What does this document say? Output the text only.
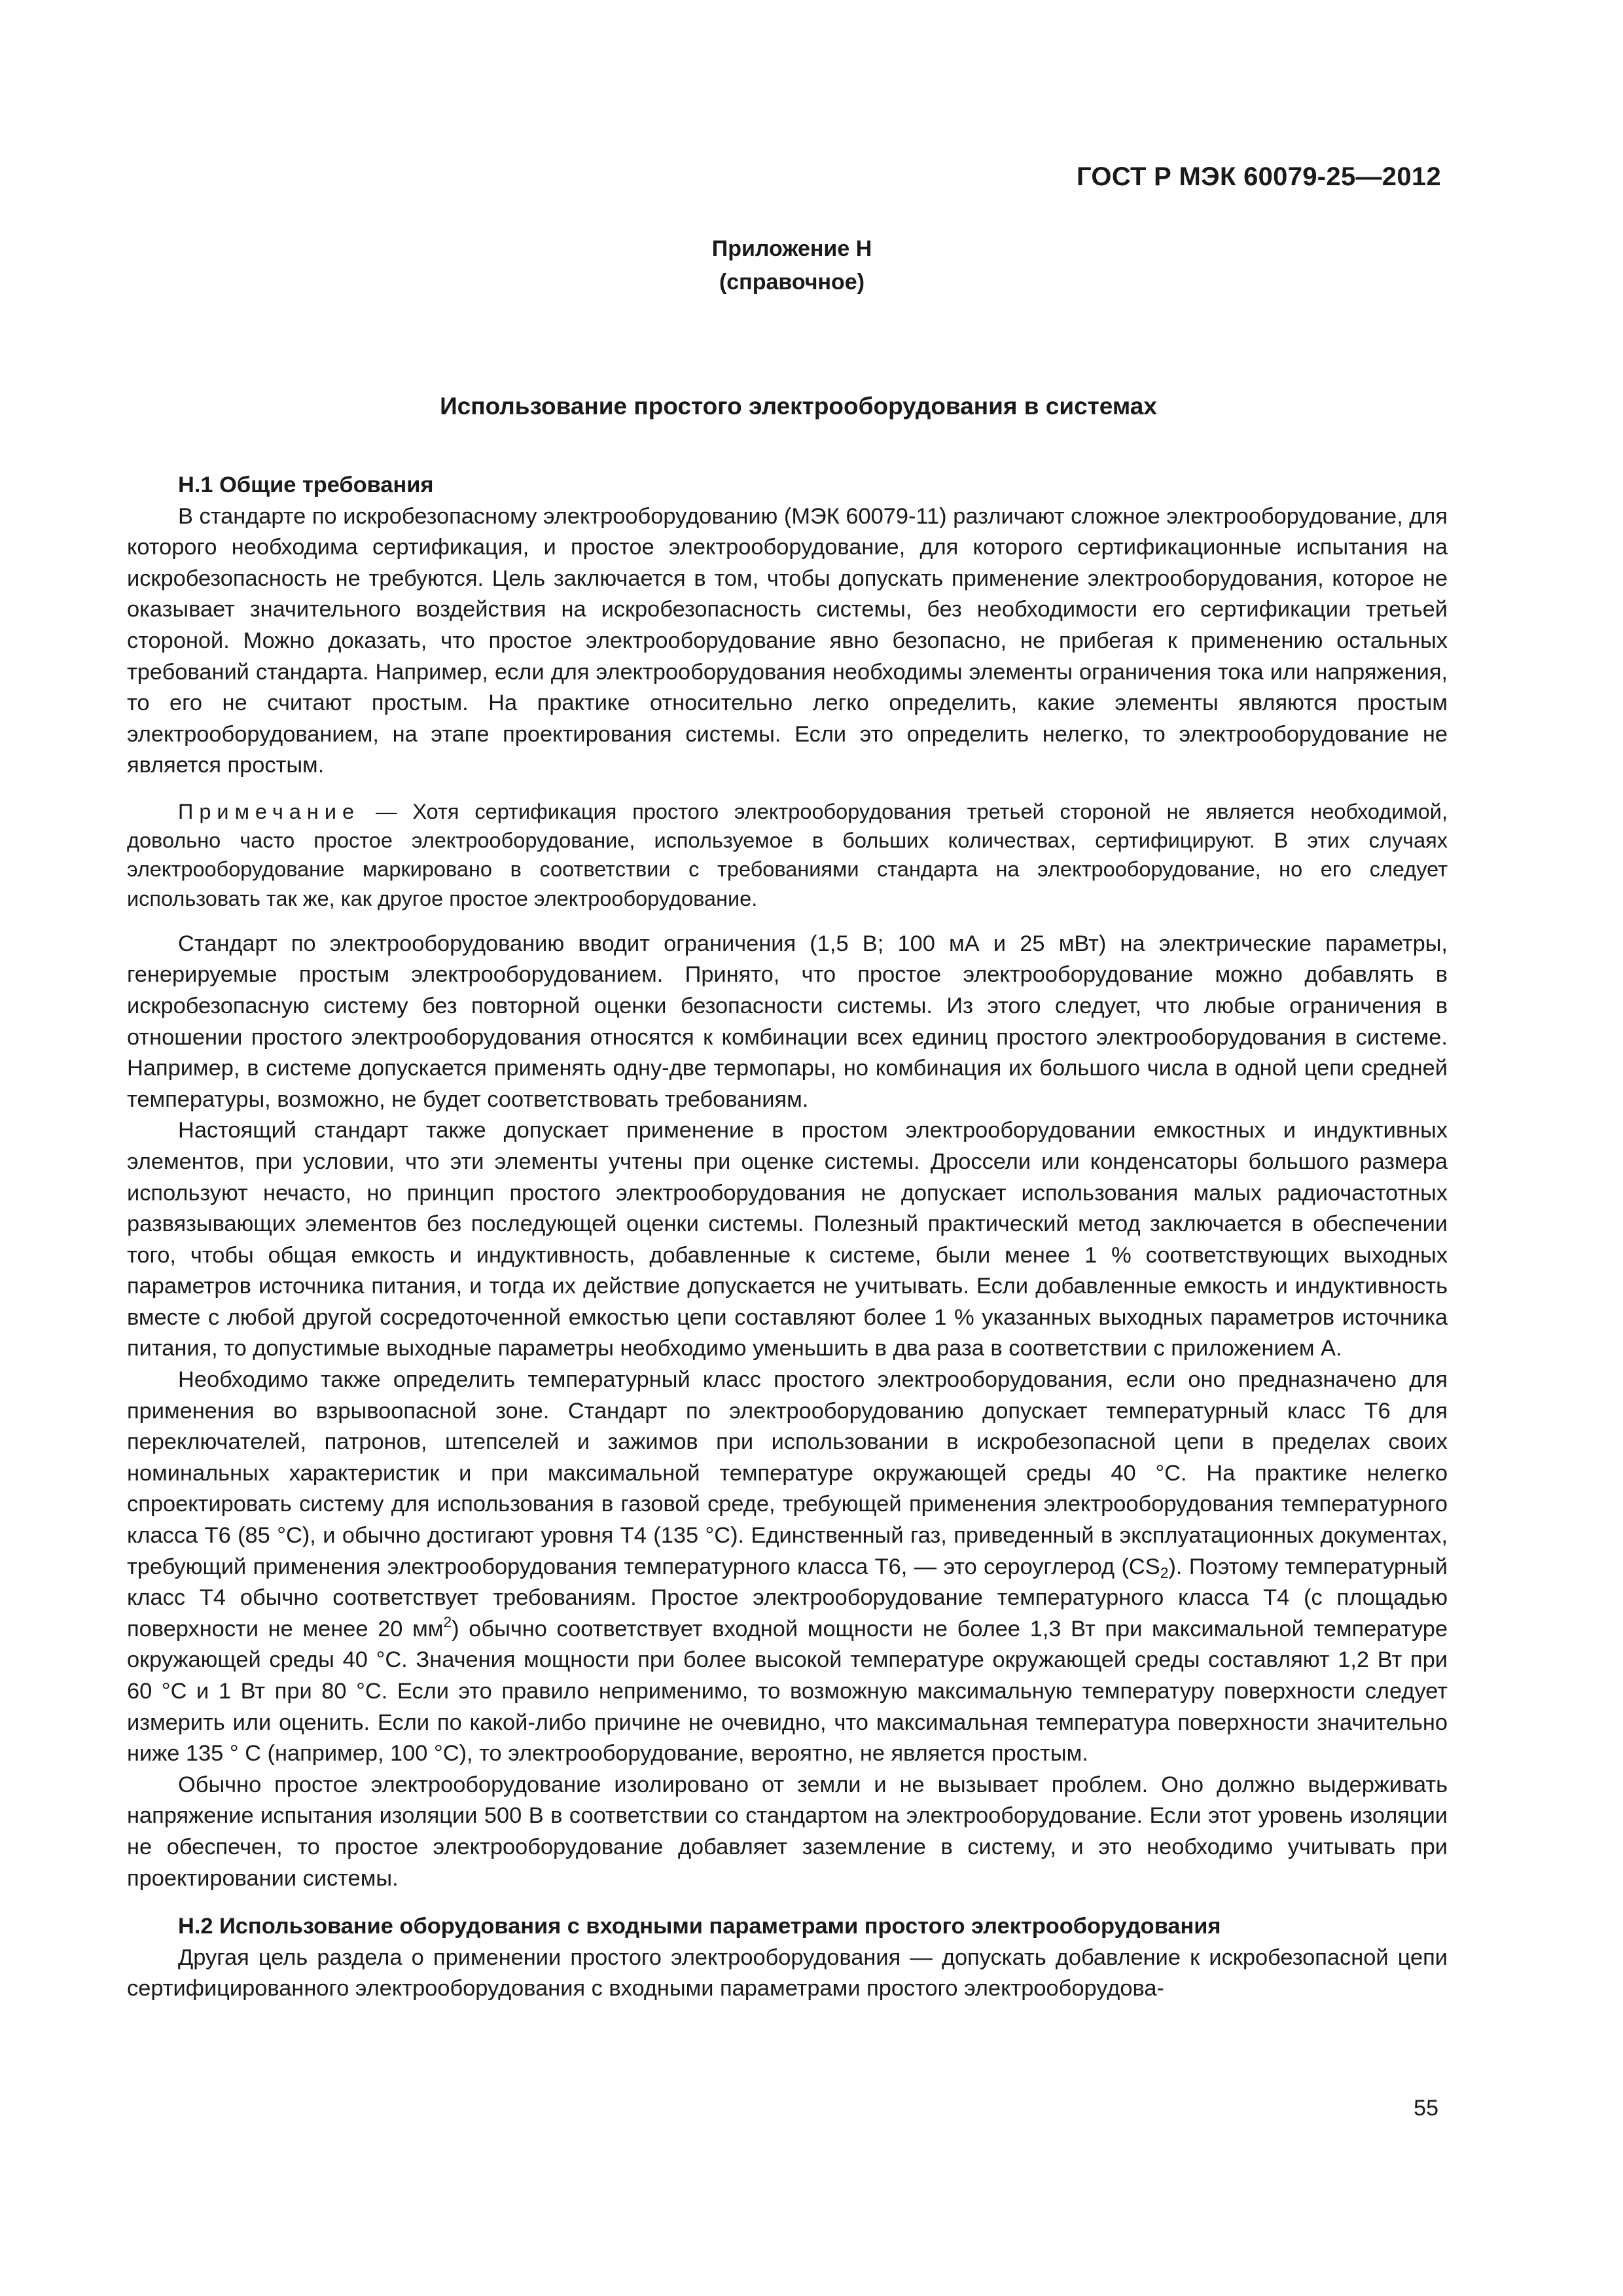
ГОСТ Р МЭК 60079-25—2012
Приложение Н
(справочное)
Использование простого электрооборудования в системах
Н.1 Общие требования

В стандарте по искробезопасному электрооборудованию (МЭК 60079-11) различают сложное электрооборудование, для которого необходима сертификация, и простое электрооборудование, для которого сертификационные испытания на искробезопасность не требуются. Цель заключается в том, чтобы допускать применение электрооборудования, которое не оказывает значительного воздействия на искробезопасность системы, без необходимости его сертификации третьей стороной. Можно доказать, что простое электрооборудование явно безопасно, не прибегая к применению остальных требований стандарта. Например, если для электрооборудования необходимы элементы ограничения тока или напряжения, то его не считают простым. На практике относительно легко определить, какие элементы являются простым электрооборудованием, на этапе проектирования системы. Если это определить нелегко, то электрооборудование не является простым.

Примечание — Хотя сертификация простого электрооборудования третьей стороной не является необходимой, довольно часто простое электрооборудование, используемое в больших количествах, сертифицируют. В этих случаях электрооборудование маркировано в соответствии с требованиями стандарта на электрооборудование, но его следует использовать так же, как другое простое электрооборудование.

Стандарт по электрооборудованию вводит ограничения (1,5 В; 100 мА и 25 мВт) на электрические параметры, генерируемые простым электрооборудованием. Принято, что простое электрооборудование можно добавлять в искробезопасную систему без повторной оценки безопасности системы. Из этого следует, что любые ограничения в отношении простого электрооборудования относятся к комбинации всех единиц простого электрооборудования в системе. Например, в системе допускается применять одну-две термопары, но комбинация их большого числа в одной цепи средней температуры, возможно, не будет соответствовать требованиям.

Настоящий стандарт также допускает применение в простом электрооборудовании емкостных и индуктивных элементов, при условии, что эти элементы учтены при оценке системы. Дроссели или конденсаторы большого размера используют нечасто, но принцип простого электрооборудования не допускает использования малых радиочастотных развязывающих элементов без последующей оценки системы. Полезный практический метод заключается в обеспечении того, чтобы общая емкость и индуктивность, добавленные к системе, были менее 1 % соответствующих выходных параметров источника питания, и тогда их действие допускается не учитывать. Если добавленные емкость и индуктивность вместе с любой другой сосредоточенной емкостью цепи составляют более 1 % указанных выходных параметров источника питания, то допустимые выходные параметры необходимо уменьшить в два раза в соответствии с приложением А.

Необходимо также определить температурный класс простого электрооборудования, если оно предназначено для применения во взрывоопасной зоне. Стандарт по электрооборудованию допускает температурный класс Т6 для переключателей, патронов, штепселей и зажимов при использовании в искробезопасной цепи в пределах своих номинальных характеристик и при максимальной температуре окружающей среды 40 °С. На практике нелегко спроектировать систему для использования в газовой среде, требующей применения электрооборудования температурного класса Т6 (85 °С), и обычно достигают уровня Т4 (135 °С). Единственный газ, приведенный в эксплуатационных документах, требующий применения электрооборудования температурного класса Т6, — это сероуглерод $(CS_2)$. Поэтому температурный класс Т4 обычно соответствует требованиям. Простое электрооборудование температурного класса Т4 (с площадью поверхности не менее 20 $мм^2$) обычно соответствует входной мощности не более 1,3 Вт при максимальной температуре окружающей среды 40 °С. Значения мощности при более высокой температуре окружающей среды составляют 1,2 Вт при 60 °С и 1 Вт при 80 °С. Если это правило неприменимо, то возможную максимальную температуру поверхности следует измерить или оценить. Если по какой-либо причине не очевидно, что максимальная температура поверхности значительно ниже 135 ° С (например, 100 °С), то электрооборудование, вероятно, не является простым.

Обычно простое электрооборудование изолировано от земли и не вызывает проблем. Оно должно выдерживать напряжение испытания изоляции 500 В в соответствии со стандартом на электрооборудование. Если этот уровень изоляции не обеспечен, то простое электрооборудование добавляет заземление в систему, и это необходимо учитывать при проектировании системы.

Н.2 Использование оборудования с входными параметрами простого электрооборудования

Другая цель раздела о применении простого электрооборудования — допускать добавление к искробезопасной цепи сертифицированного электрооборудования с входными параметрами простого электрооборудова-

55
